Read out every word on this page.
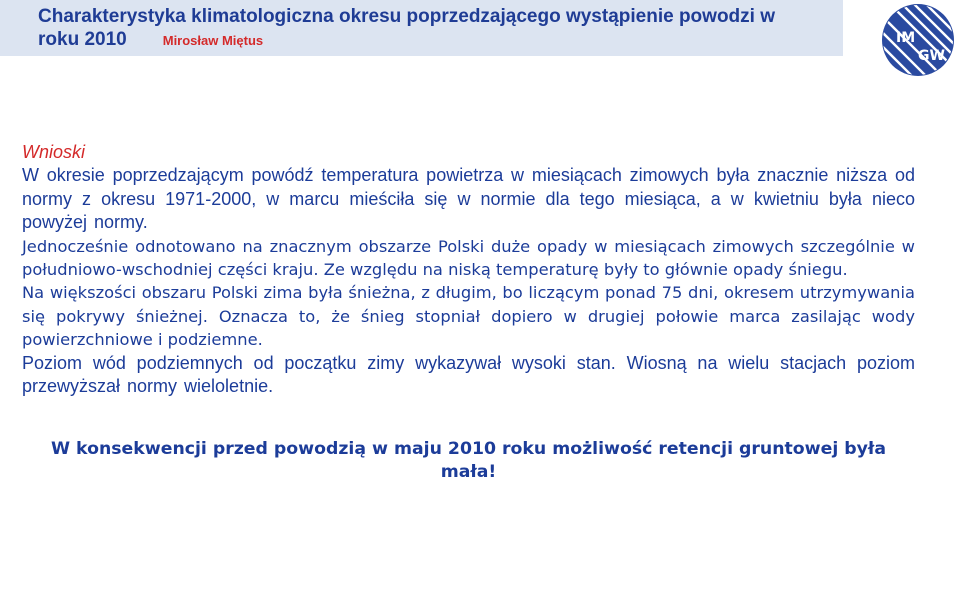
Charakterystyka klimatologiczna okresu poprzedzającego wystąpienie powodzi w roku 2010	Mirosław Miętus	IM
GW

Wnioski

W okresie poprzedzającym powódź temperatura powietrza w miesiącach zimowych była znacznie niższa od normy z okresu 1971-2000, w marcu mieściła się w normie dla tego miesiąca, a w kwietniu była nieco powyżej normy.

Jednocześnie odnotowano na znacznym obszarze Polski duże opady w miesiącach zimowych szczególnie w południowo-wschodniej części kraju. Ze względu na niską temperaturę były to głównie opady śniegu.

Na większości obszaru Polski zima była śnieżna, z długim, bo liczącym ponad 75 dni, okresem utrzymywania się pokrywy śnieżnej. Oznacza to, że śnieg stopniał dopiero w drugiej połowie marca zasilając wody powierzchniowe i podziemne.

Poziom wód podziemnych od początku zimy wykazywał wysoki stan. Wiosną na wielu stacjach poziom przewyższał normy wieloletnie.

W konsekwencji przed powodzią w maju 2010 roku możliwość retencji gruntowej była mała!
